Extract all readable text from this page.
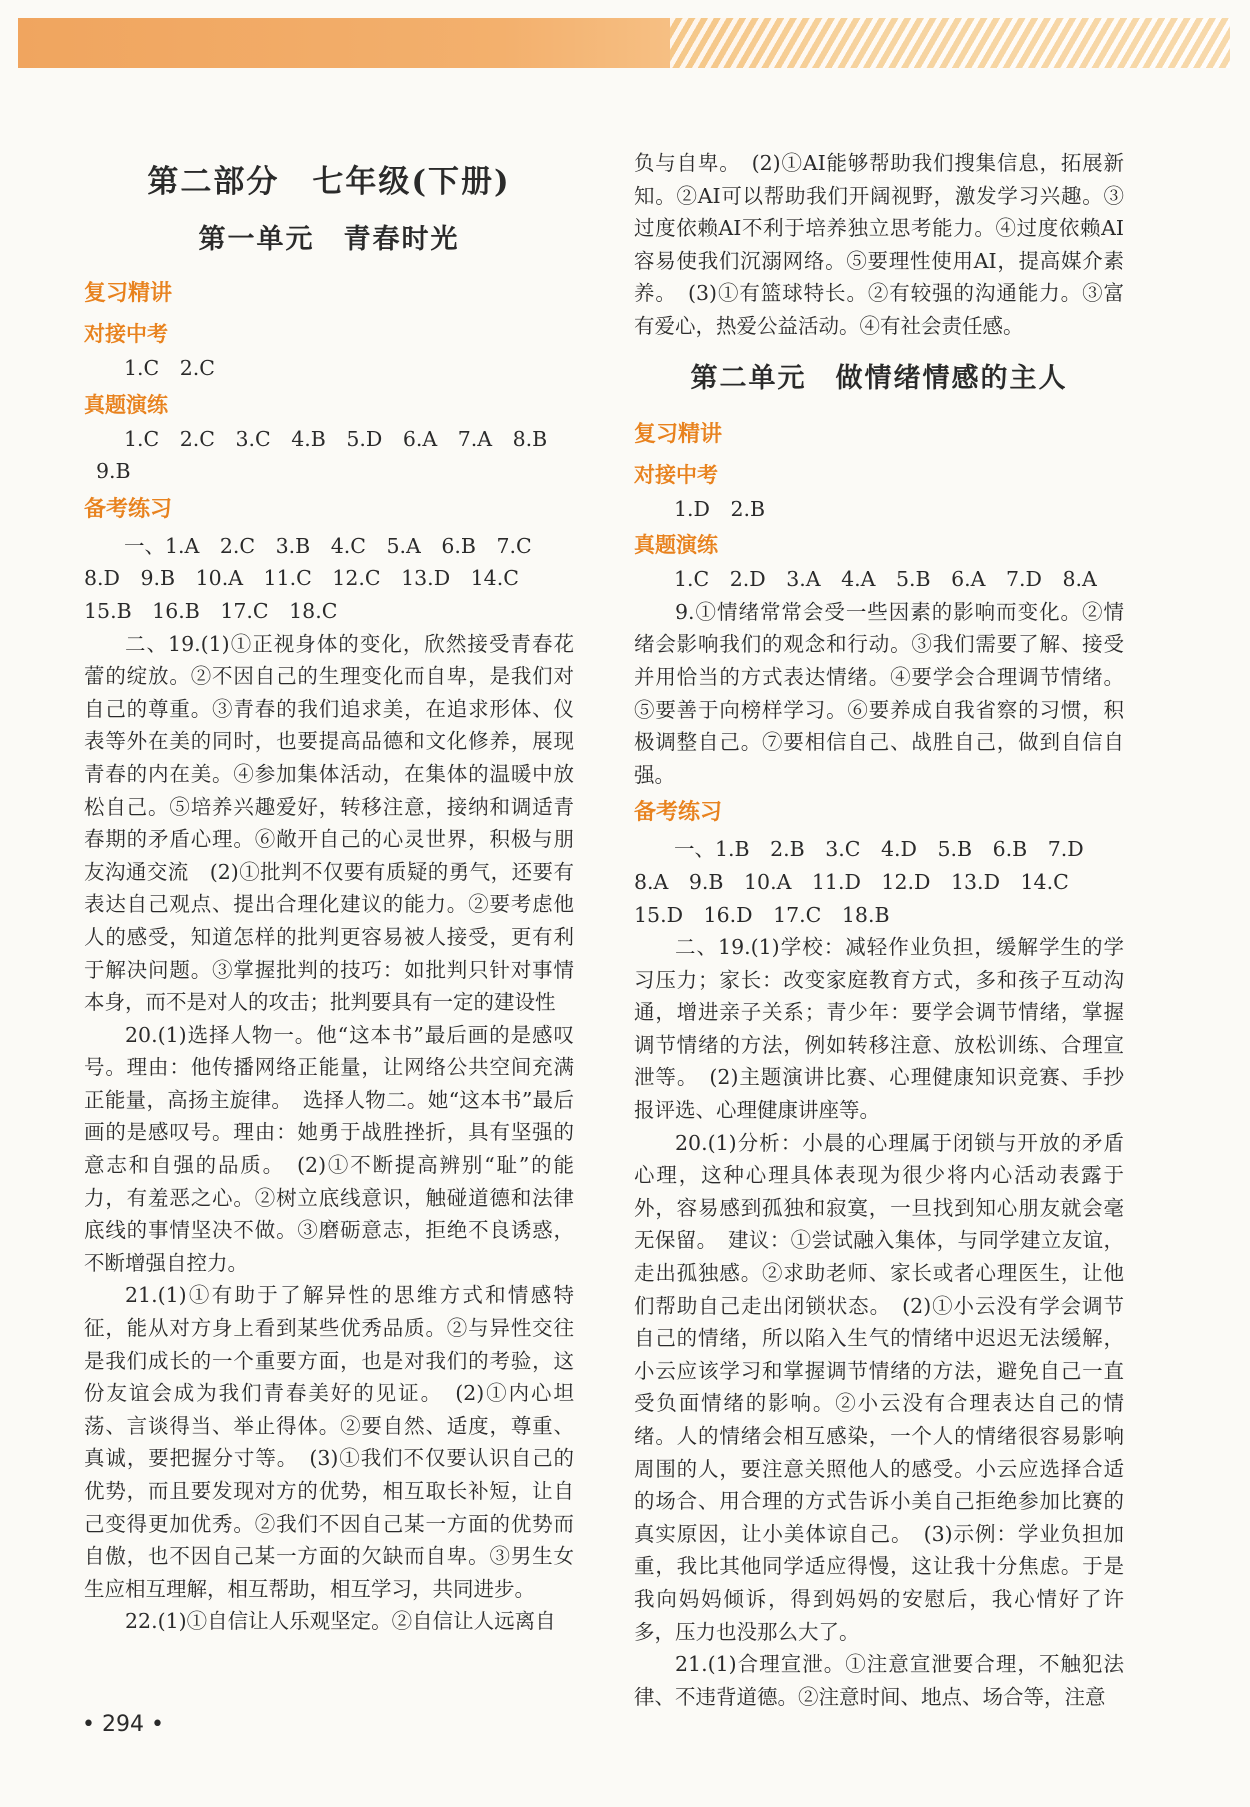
第二部分　七年级(下册)

第一单元　青春时光

复习精讲

对接中考

1.C　2.C

真题演练

1.C　2.C　3.C　4.B　5.D　6.A　7.A　8.B

9.B

备考练习

一、1.A　2.C　3.B　4.C　5.A　6.B　7.C

8.D　9.B　10.A　11.C　12.C　13.D　14.C

15.B　16.B　17.C　18.C

二、19.(1)①正视身体的变化，欣然接受青春花蕾的绽放。②不因自己的生理变化而自卑，是我们对自己的尊重。③青春的我们追求美，在追求形体、仪表等外在美的同时，也要提高品德和文化修养，展现青春的内在美。④参加集体活动，在集体的温暖中放松自己。⑤培养兴趣爱好，转移注意，接纳和调适青春期的矛盾心理。⑥敞开自己的心灵世界，积极与朋友沟通交流　(2)①批判不仅要有质疑的勇气，还要有表达自己观点、提出合理化建议的能力。②要考虑他人的感受，知道怎样的批判更容易被人接受，更有利于解决问题。③掌握批判的技巧：如批判只针对事情本身，而不是对人的攻击；批判要具有一定的建设性

20.(1)选择人物一。他“这本书”最后画的是感叹号。理由：他传播网络正能量，让网络公共空间充满正能量，高扬主旋律。　选择人物二。她“这本书”最后画的是感叹号。理由：她勇于战胜挫折，具有坚强的意志和自强的品质。　(2)①不断提高辨别“耻”的能力，有羞恶之心。②树立底线意识，触碰道德和法律底线的事情坚决不做。③磨砺意志，拒绝不良诱惑，不断增强自控力。

21.(1)①有助于了解异性的思维方式和情感特征，能从对方身上看到某些优秀品质。②与异性交往是我们成长的一个重要方面，也是对我们的考验，这份友谊会成为我们青春美好的见证。　(2)①内心坦荡、言谈得当、举止得体。②要自然、适度，尊重、真诚，要把握分寸等。　(3)①我们不仅要认识自己的优势，而且要发现对方的优势，相互取长补短，让自己变得更加优秀。②我们不因自己某一方面的优势而自傲，也不因自己某一方面的欠缺而自卑。③男生女生应相互理解，相互帮助，相互学习，共同进步。

22.(1)①自信让人乐观坚定。②自信让人远离自

负与自卑。　(2)①AI能够帮助我们搜集信息，拓展新知。②AI可以帮助我们开阔视野，激发学习兴趣。③过度依赖AI不利于培养独立思考能力。④过度依赖AI容易使我们沉溺网络。⑤要理性使用AI，提高媒介素养。　(3)①有篮球特长。②有较强的沟通能力。③富有爱心，热爱公益活动。④有社会责任感。

第二单元　做情绪情感的主人

复习精讲

对接中考

1.D　2.B

真题演练

1.C　2.D　3.A　4.A　5.B　6.A　7.D　8.A

9.①情绪常常会受一些因素的影响而变化。②情绪会影响我们的观念和行动。③我们需要了解、接受并用恰当的方式表达情绪。④要学会合理调节情绪。⑤要善于向榜样学习。⑥要养成自我省察的习惯，积极调整自己。⑦要相信自己、战胜自己，做到自信自强。

备考练习

一、1.B　2.B　3.C　4.D　5.B　6.B　7.D

8.A　9.B　10.A　11.D　12.D　13.D　14.C

15.D　16.D　17.C　18.B

二、19.(1)学校：减轻作业负担，缓解学生的学习压力；家长：改变家庭教育方式，多和孩子互动沟通，增进亲子关系；青少年：要学会调节情绪，掌握调节情绪的方法，例如转移注意、放松训练、合理宣泄等。　(2)主题演讲比赛、心理健康知识竞赛、手抄报评选、心理健康讲座等。

20.(1)分析：小晨的心理属于闭锁与开放的矛盾心理，这种心理具体表现为很少将内心活动表露于外，容易感到孤独和寂寞，一旦找到知心朋友就会毫无保留。　建议：①尝试融入集体，与同学建立友谊，走出孤独感。②求助老师、家长或者心理医生，让他们帮助自己走出闭锁状态。　(2)①小云没有学会调节自己的情绪，所以陷入生气的情绪中迟迟无法缓解，小云应该学习和掌握调节情绪的方法，避免自己一直受负面情绪的影响。②小云没有合理表达自己的情绪。人的情绪会相互感染，一个人的情绪很容易影响周围的人，要注意关照他人的感受。小云应选择合适的场合、用合理的方式告诉小美自己拒绝参加比赛的真实原因，让小美体谅自己。　(3)示例：学业负担加重，我比其他同学适应得慢，这让我十分焦虑。于是我向妈妈倾诉，得到妈妈的安慰后，我心情好了许多，压力也没那么大了。

21.(1)合理宣泄。①注意宣泄要合理，不触犯法律、不违背道德。②注意时间、地点、场合等，注意

• 294 •
